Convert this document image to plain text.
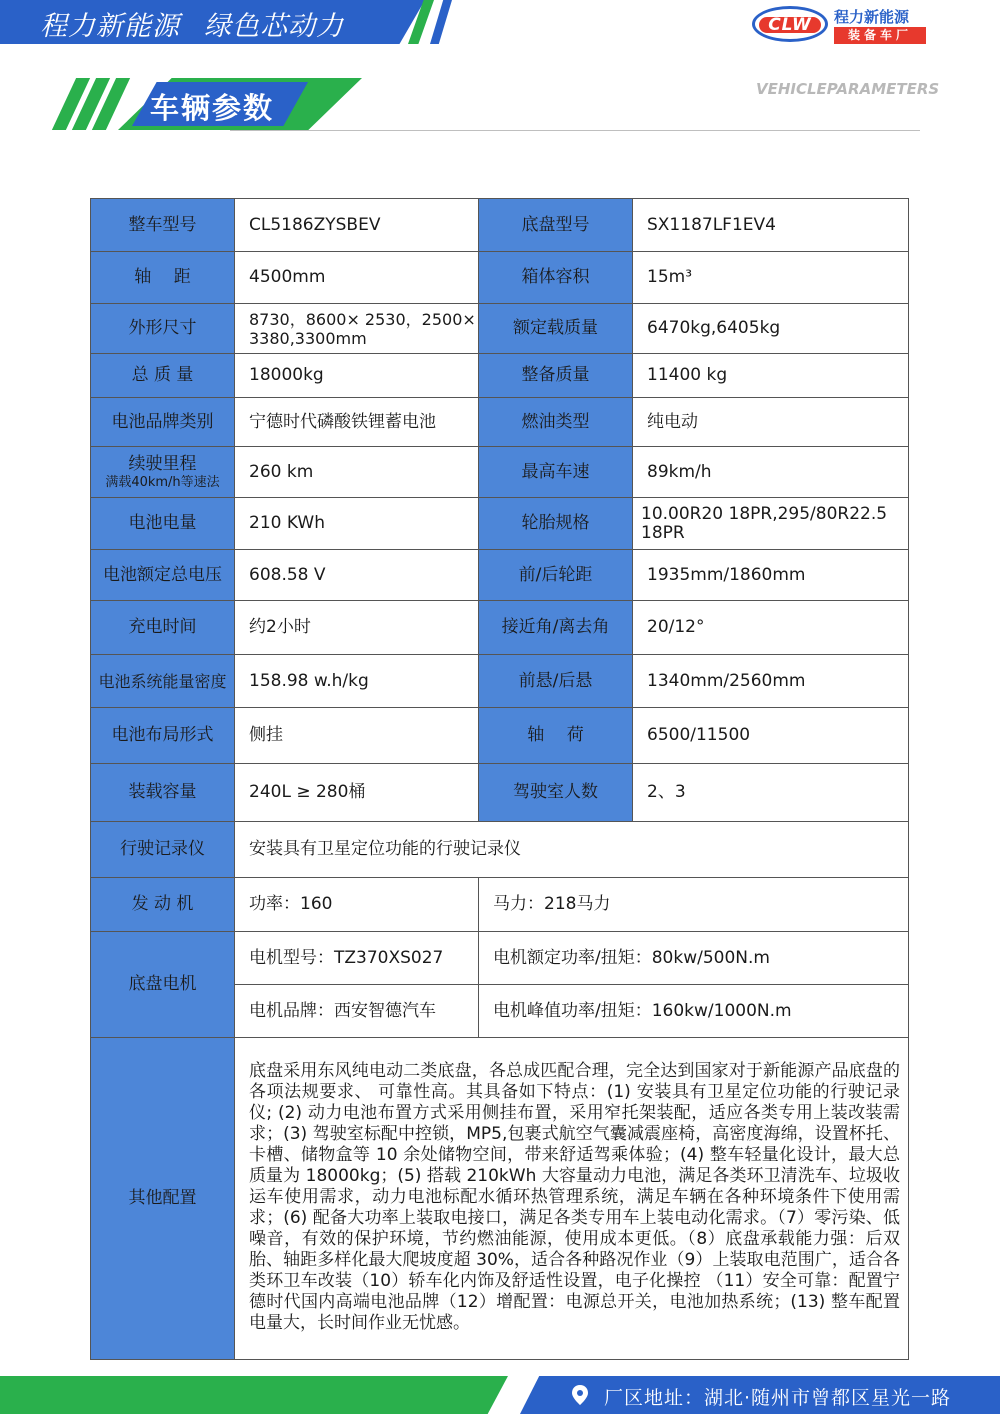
程力新能源 绿色芯动力	CLW	程力新能源
装备车厂
车辆参数
VEHICLEPARAMETERS
整车型号	CL5186ZYSBEV	底盘型号	SX1187LF1EV4
轴　 距	4500mm	箱体容积	15m³
外形尺寸	8730，8600× 2530，2500× 3380,3300mm	额定载质量	6470kg,6405kg
总 质 量	18000kg	整备质量	11400 kg
电池品牌类别	宁德时代磷酸铁锂蓄电池	燃油类型	纯电动
续驶里程
满载40km/h等速法	260 km	最高车速	89km/h
电池电量	210 KWh	轮胎规格	10.00R20 18PR,295/80R22.5 18PR
电池额定总电压	608.58 V	前/后轮距	1935mm/1860mm
充电时间	约2小时	接近角/离去角	20/12°
电池系统能量密度	158.98 w.h/kg	前悬/后悬	1340mm/2560mm
电池布局形式	侧挂	轴　 荷	6500/11500
装载容量	240L ≥ 280桶	驾驶室人数	2、3
行驶记录仪	安装具有卫星定位功能的行驶记录仪		
发 动 机	功率：160	马力：218马力	
底盘电机	电机型号：TZ370XS027	电机额定功率/扭矩：80kw/500N.m	
	电机品牌：西安智德汽车	电机峰值功率/扭矩：160kw/1000N.m	
其他配置	底盘采用东风纯电动二类底盘，各总成匹配合理，完全达到国家对于新能源产品底盘的各项法规要求、 可靠性高。其具备如下特点：(1) 安装具有卫星定位功能的行驶记录仪; (2) 动力电池布置方式采用侧挂布置，采用窄托架装配，适应各类专用上装改装需求；(3) 驾驶室标配中控锁，MP5,包裹式航空气囊减震座椅，高密度海绵，设置杯托、卡槽、储物盒等 10 余处储物空间，带来舒适驾乘体验；(4) 整车轻量化设计，最大总质量为 18000kg；(5) 搭载 210kWh 大容量动力电池，满足各类环卫清洗车、垃圾收运车使用需求，动力电池标配水循环热管理系统，满足车辆在各种环境条件下使用需求；(6) 配备大功率上装取电接口，满足各类专用车上装电动化需求。（7）零污染、低噪音，有效的保护环境，节约燃油能源，使用成本更低。（8）底盘承载能力强：后双胎、轴距多样化最大爬坡度超 30%，适合各种路况作业（9）上装取电范围广，适合各类环卫车改装（10）轿车化内饰及舒适性设置，电子化操控 （11）安全可靠：配置宁德时代国内高端电池品牌（12）增配置：电源总开关，电池加热系统；(13) 整车配置电量大，长时间作业无忧感。		
厂区地址：湖北·随州市曾都区星光一路
